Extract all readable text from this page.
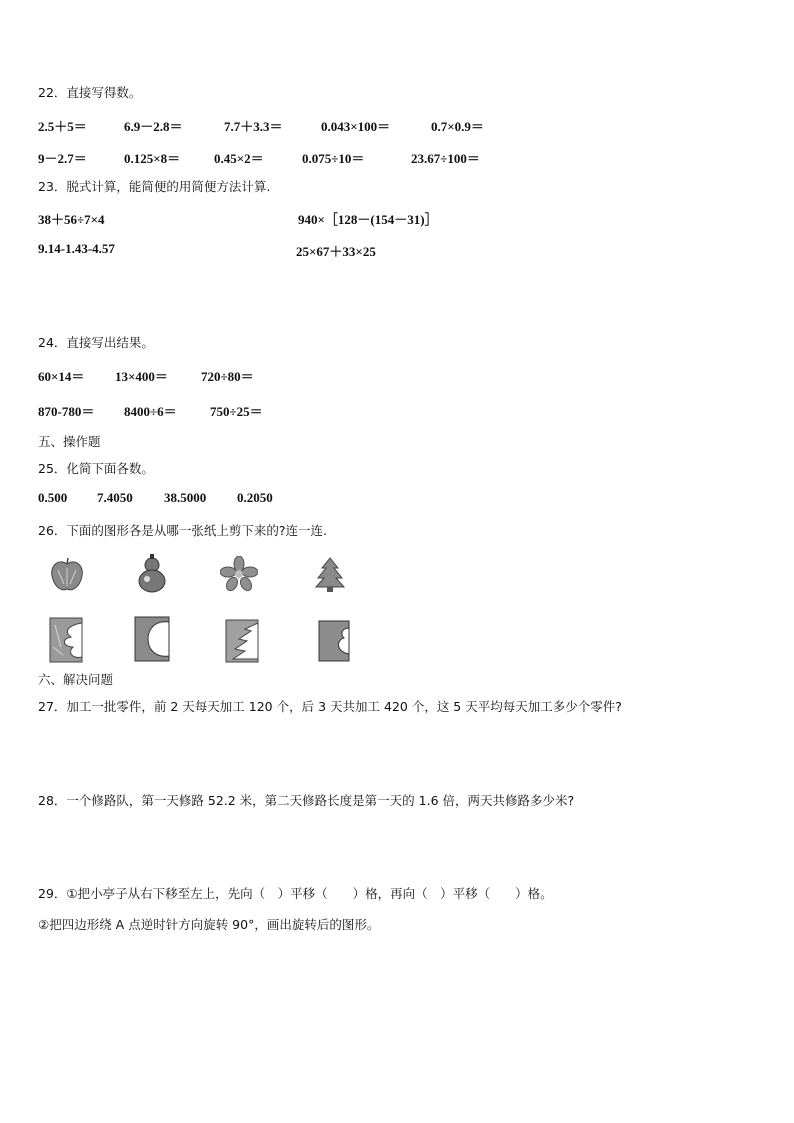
22．直接写得数。
2.5＋5＝	6.9－2.8＝	7.7＋3.3＝	0.043×100＝	0.7×0.9＝
9－2.7＝	0.125×8＝	0.45×2＝	0.075÷10＝	23.67÷100＝
23．脱式计算，能简便的用简便方法计算.
38＋56÷7×4	940×［128－(154－31)］
9.14-1.43-4.57	25×67＋33×25
24．直接写出结果。
60×14＝ 13×400＝	720÷80＝
870-780＝ 8400÷6＝	750÷25＝
五、操作题
25．化简下面各数。
0.500 7.4050 38.5000 0.2050
26．下面的图形各是从哪一张纸上剪下来的?连一连.
六、解决问题
27．加工一批零件，前 2 天每天加工 120 个，后 3 天共加工 420 个，这 5 天平均每天加工多少个零件?
28．一个修路队，第一天修路 52.2 米，第二天修路长度是第一天的 1.6 倍，两天共修路多少米?
29．①把小亭子从右下移至左上，先向（　）平移（　　）格，再向（　）平移（　　）格。
②把四边形绕 A 点逆时针方向旋转 90°，画出旋转后的图形。
